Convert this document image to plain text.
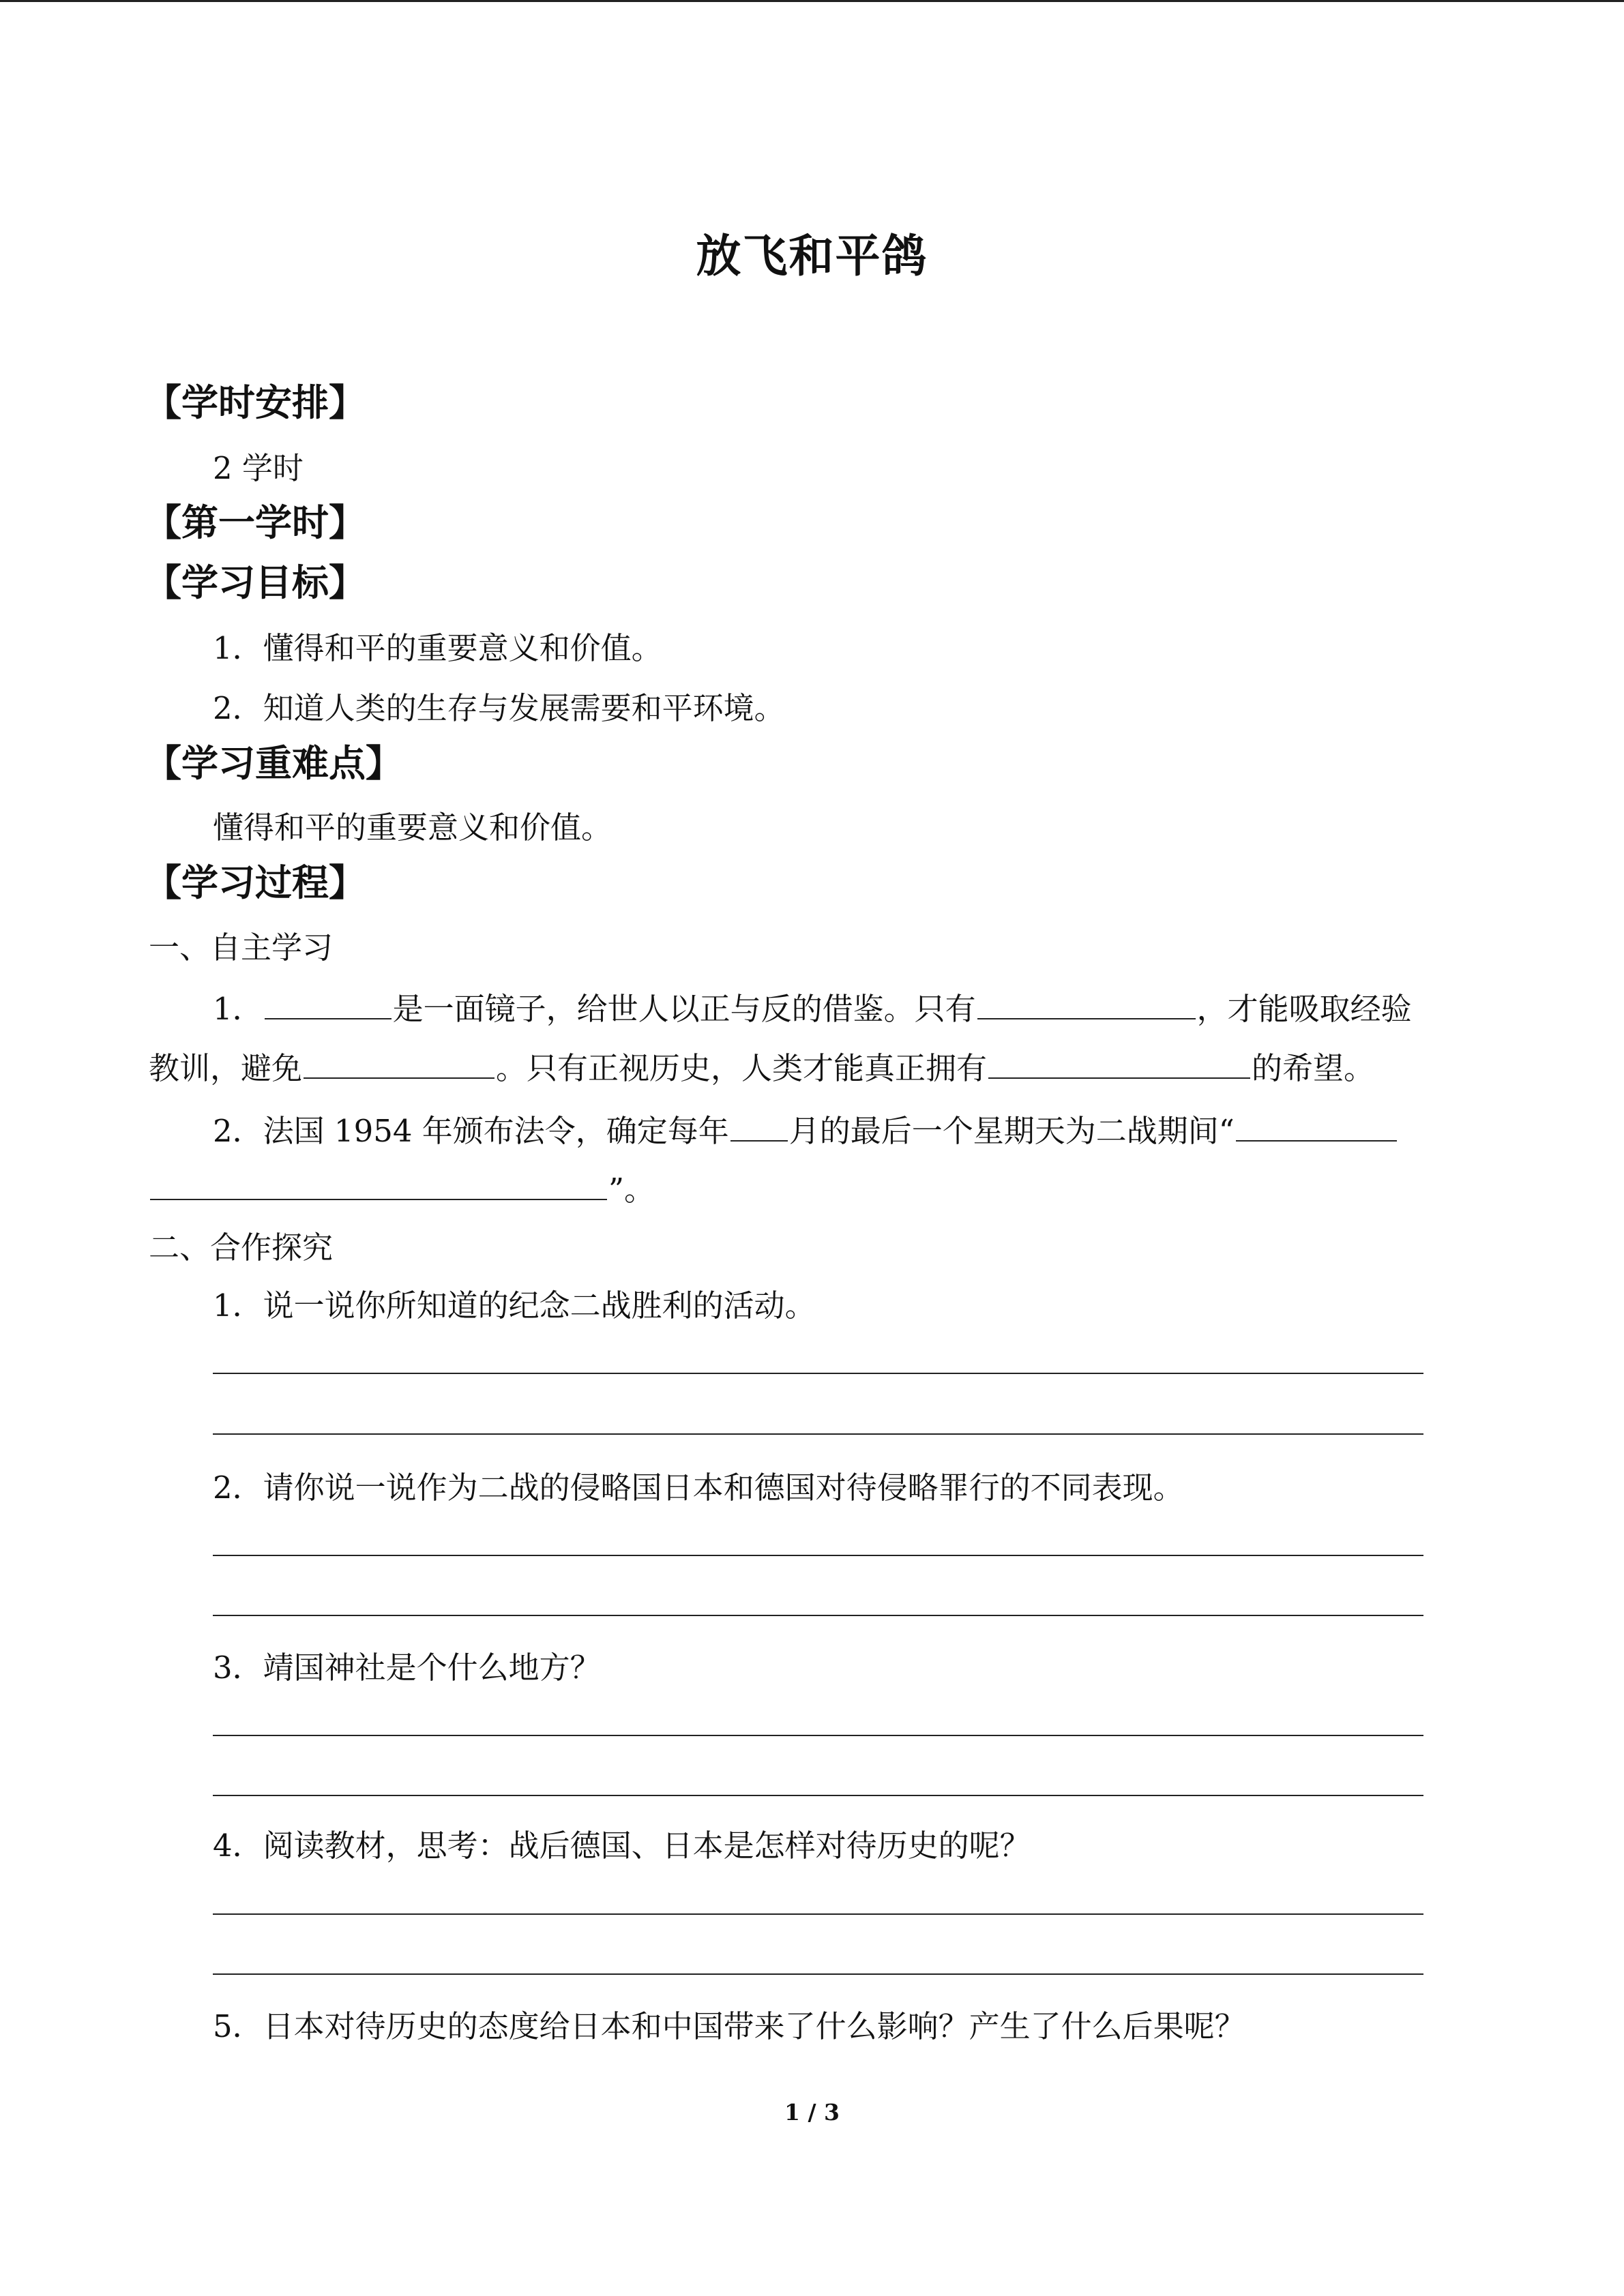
放飞和平鸽
【学时安排】
2 学时
【第一学时】
【学习目标】
1．懂得和平的重要意义和价值。
2．知道人类的生存与发展需要和平环境。
【学习重难点】
懂得和平的重要意义和价值。
【学习过程】
一、自主学习
1．	是一面镜子，给世人以正与反的借鉴。只有	，才能吸取经验
教训，避免	。只有正视历史，人类才能真正拥有	的希望。
2．法国 1954 年颁布法令，确定每年 月的最后一个星期天为二战期间“
”。
二、合作探究
1．说一说你所知道的纪念二战胜利的活动。
2．请你说一说作为二战的侵略国日本和德国对待侵略罪行的不同表现。
3．靖国神社是个什么地方？
4．阅读教材，思考：战后德国、日本是怎样对待历史的呢？
5．日本对待历史的态度给日本和中国带来了什么影响？产生了什么后果呢？
1 / 3
